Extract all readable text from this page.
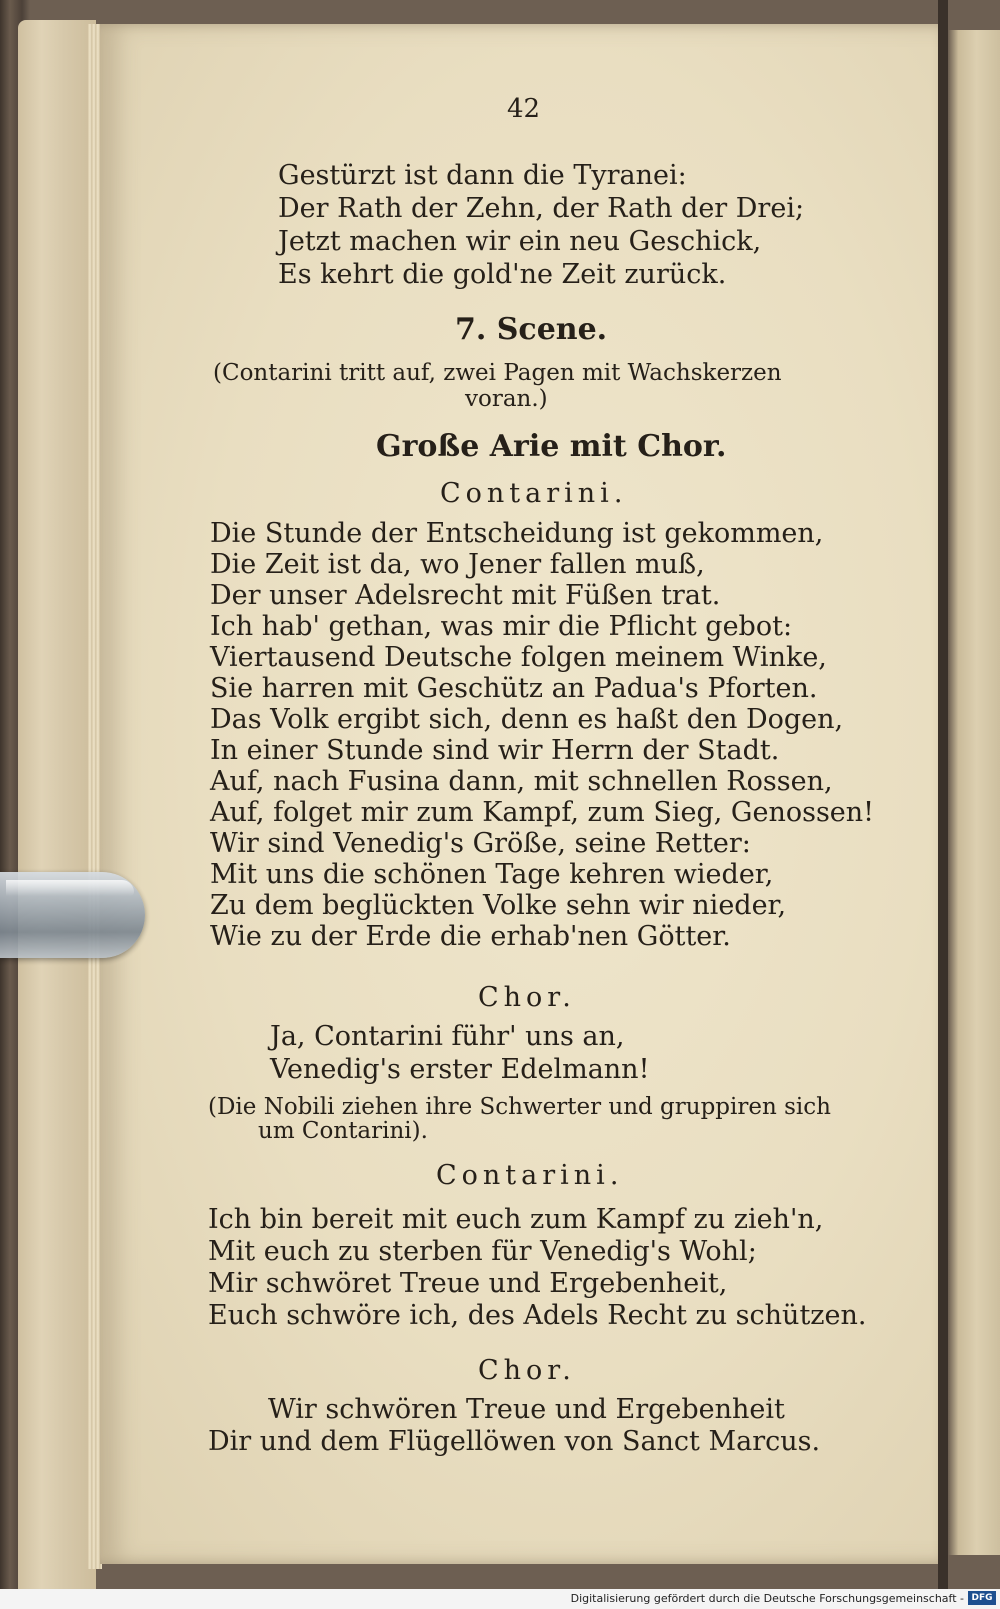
42
Gestürzt ist dann die Tyranei:
Der Rath der Zehn, der Rath der Drei;
Jetzt machen wir ein neu Geschick,
Es kehrt die gold'ne Zeit zurück.
7. Scene.
(Contarini tritt auf, zwei Pagen mit Wachskerzen
voran.)
Große Arie mit Chor.
Contarini.
Die Stunde der Entscheidung ist gekommen,
Die Zeit ist da, wo Jener fallen muß,
Der unser Adelsrecht mit Füßen trat.
Ich hab' gethan, was mir die Pflicht gebot:
Viertausend Deutsche folgen meinem Winke,
Sie harren mit Geschütz an Padua's Pforten.
Das Volk ergibt sich, denn es haßt den Dogen,
In einer Stunde sind wir Herrn der Stadt.
Auf, nach Fusina dann, mit schnellen Rossen,
Auf, folget mir zum Kampf, zum Sieg, Genossen!
Wir sind Venedig's Größe, seine Retter:
Mit uns die schönen Tage kehren wieder,
Zu dem beglückten Volke sehn wir nieder,
Wie zu der Erde die erhab'nen Götter.
Chor.
Ja, Contarini führ' uns an,
Venedig's erster Edelmann!
(Die Nobili ziehen ihre Schwerter und gruppiren sich
um Contarini).
Contarini.
Ich bin bereit mit euch zum Kampf zu zieh'n,
Mit euch zu sterben für Venedig's Wohl;
Mir schwöret Treue und Ergebenheit,
Euch schwöre ich, des Adels Recht zu schützen.
Chor.
Wir schwören Treue und Ergebenheit
Dir und dem Flügellöwen von Sanct Marcus.
Digitalisierung gefördert durch die Deutsche Forschungsgemeinschaft - DFG
